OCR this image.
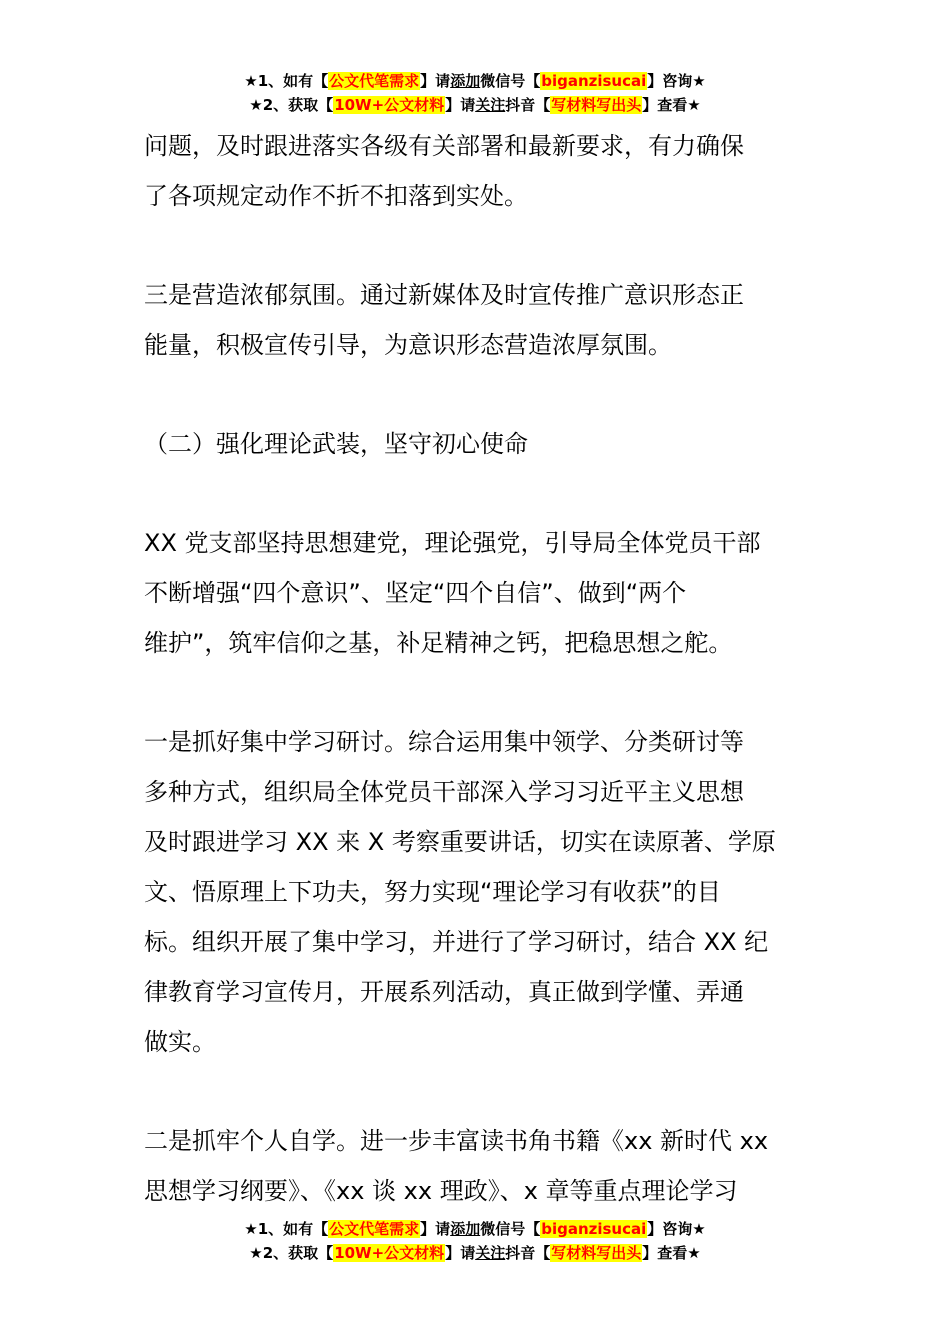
★1、如有【公文代笔需求】请添加微信号【biganzisucai】咨询★
★2、获取【10W+公文材料】请关注抖音【写材料写出头】查看★
问题，及时跟进落实各级有关部署和最新要求，有力确保
了各项规定动作不折不扣落到实处。
三是营造浓郁氛围。通过新媒体及时宣传推广意识形态正
能量，积极宣传引导，为意识形态营造浓厚氛围。
（二）强化理论武装，坚守初心使命
XX 党支部坚持思想建党，理论强党，引导局全体党员干部
不断增强“四个意识”、坚定“四个自信”、做到“两个
维护”，筑牢信仰之基，补足精神之钙，把稳思想之舵。
一是抓好集中学习研讨。综合运用集中领学、分类研讨等
多种方式，组织局全体党员干部深入学习习近平主义思想
及时跟进学习 XX 来 X 考察重要讲话，切实在读原著、学原
文、悟原理上下功夫，努力实现“理论学习有收获”的目
标。组织开展了集中学习，并进行了学习研讨，结合 XX 纪
律教育学习宣传月，开展系列活动，真正做到学懂、弄通
做实。
二是抓牢个人自学。进一步丰富读书角书籍《xx 新时代 xx
思想学习纲要》、《xx 谈 xx 理政》、x 章等重点理论学习
★1、如有【公文代笔需求】请添加微信号【biganzisucai】咨询★
★2、获取【10W+公文材料】请关注抖音【写材料写出头】查看★
